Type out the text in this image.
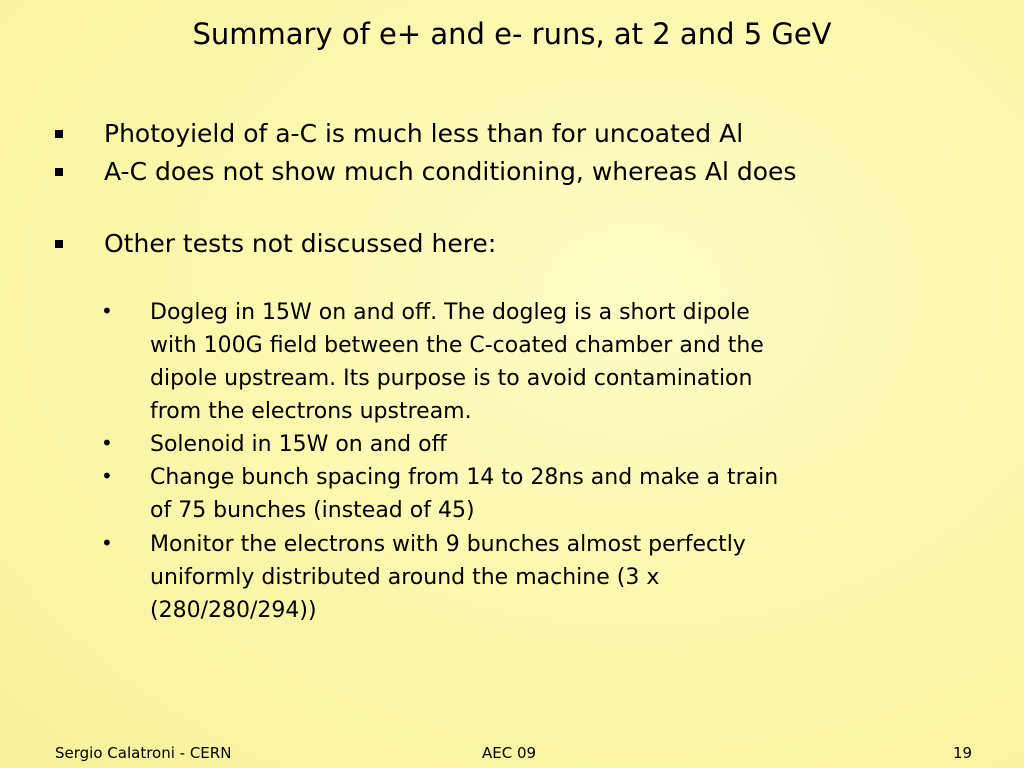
Summary of e+ and e- runs, at 2 and 5 GeV
Photoyield of a-C is much less than for uncoated Al
A-C does not show much conditioning, whereas Al does
Other tests not discussed here:
• Dogleg in 15W on and off. The dogleg is a short dipole
with 100G field between the C-coated chamber and the
dipole upstream. Its purpose is to avoid contamination
from the electrons upstream.
• Solenoid in 15W on and off
• Change bunch spacing from 14 to 28ns and make a train
of 75 bunches (instead of 45)
• Monitor the electrons with 9 bunches almost perfectly
uniformly distributed around the machine (3 x
(280/280/294))
Sergio Calatroni - CERN	AEC 09	19
